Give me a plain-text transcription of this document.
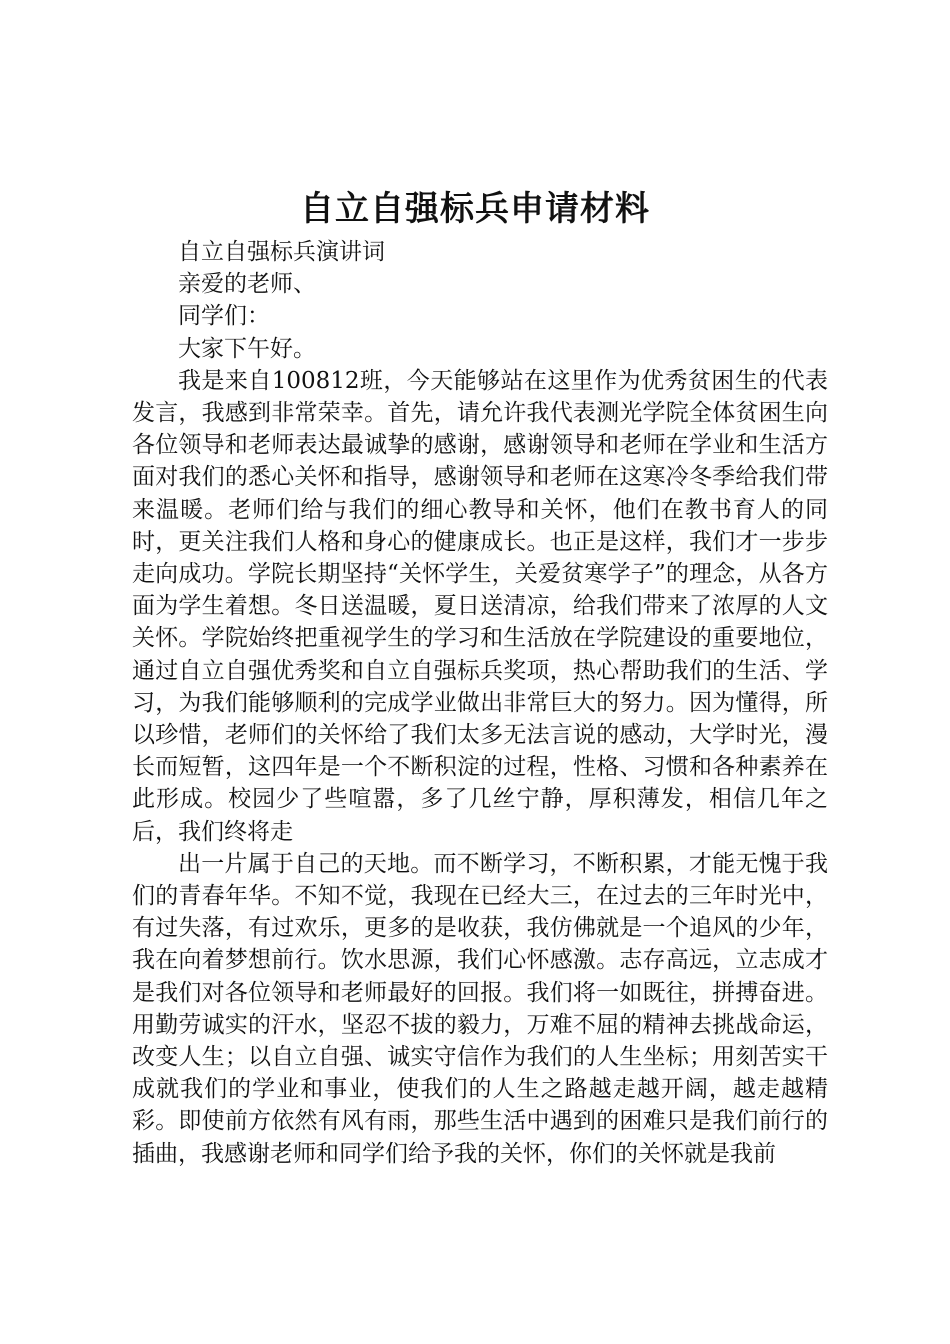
自立自强标兵申请材料

自立自强标兵演讲词

亲爱的老师、

同学们：

大家下午好。

我是来自100812班，今天能够站在这里作为优秀贫困生的代表发言，我感到非常荣幸。首先，请允许我代表测光学院全体贫困生向各位领导和老师表达最诚挚的感谢，感谢领导和老师在学业和生活方面对我们的悉心关怀和指导，感谢领导和老师在这寒冷冬季给我们带来温暖。老师们给与我们的细心教导和关怀，他们在教书育人的同时，更关注我们人格和身心的健康成长。也正是这样，我们才一步步走向成功。学院长期坚持“关怀学生，关爱贫寒学子”的理念，从各方面为学生着想。冬日送温暖，夏日送清凉，给我们带来了浓厚的人文关怀。学院始终把重视学生的学习和生活放在学院建设的重要地位，通过自立自强优秀奖和自立自强标兵奖项，热心帮助我们的生活、学习，为我们能够顺利的完成学业做出非常巨大的努力。因为懂得，所以珍惜，老师们的关怀给了我们太多无法言说的感动，大学时光，漫长而短暂，这四年是一个不断积淀的过程，性格、习惯和各种素养在此形成。校园少了些喧嚣，多了几丝宁静，厚积薄发，相信几年之后，我们终将走

出一片属于自己的天地。而不断学习，不断积累，才能无愧于我们的青春年华。不知不觉，我现在已经大三，在过去的三年时光中，有过失落，有过欢乐，更多的是收获，我仿佛就是一个追风的少年，我在向着梦想前行。饮水思源，我们心怀感激。志存高远，立志成才是我们对各位领导和老师最好的回报。我们将一如既往，拼搏奋进。用勤劳诚实的汗水，坚忍不拔的毅力，万难不屈的精神去挑战命运，改变人生；以自立自强、诚实守信作为我们的人生坐标；用刻苦实干成就我们的学业和事业，使我们的人生之路越走越开阔，越走越精彩。即使前方依然有风有雨，那些生活中遇到的困难只是我们前行的插曲，我感谢老师和同学们给予我的关怀，你们的关怀就是我前
